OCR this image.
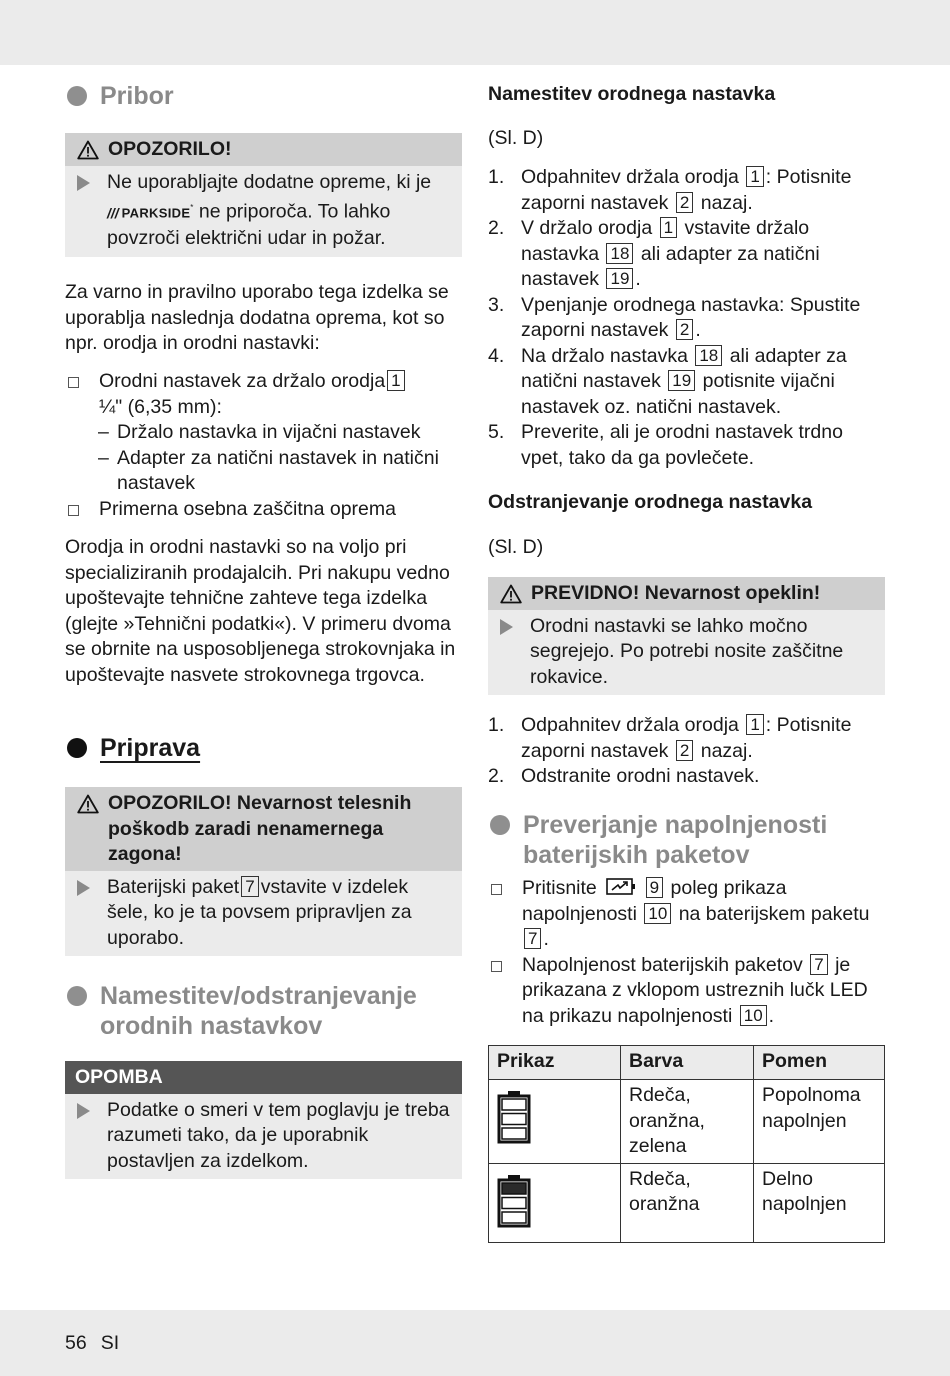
Pribor
OPOZORILO!

Ne uporabljajte dodatne opreme, ki je /// PARKSIDE* ne priporoča. To lahko povzroči električni udar in požar.

Za varno in pravilno uporabo tega izdelka se uporablja naslednja dodatna oprema, kot so npr. orodja in orodni nastavki:

Orodni nastavek za držalo orodja 1
¼" (6,35 mm):
– Držalo nastavka in vijačni nastavek
– Adapter za natični nastavek in natični nastavek
Primerna osebna zaščitna oprema

Orodja in orodni nastavki so na voljo pri specializiranih prodajalcih. Pri nakupu vedno upoštevajte tehnične zahteve tega izdelka (glejte »Tehnični podatki«). V primeru dvoma se obrnite na usposobljenega strokovnjaka in upoštevajte nasvete strokovnega trgovca.

Priprava
OPOZORILO! Nevarnost telesnih poškodb zaradi nenamernega zagona!

Baterijski paket 7 vstavite v izdelek šele, ko je ta povsem pripravljen za uporabo.

Namestitev/odstranjevanje orodnih nastavkov
OPOMBA

Podatke o smeri v tem poglavju je treba razumeti tako, da je uporabnik postavljen za izdelkom.

Namestitev orodnega nastavka

(Sl. D)

1. Odpahnitev držala orodja 1 : Potisnite zaporni nastavek 2 nazaj.
2. V držalo orodja 1 vstavite držalo nastavka 18 ali adapter za natični nastavek 19 .
3. Vpenjanje orodnega nastavka: Spustite zaporni nastavek 2 .
4. Na držalo nastavka 18 ali adapter za natični nastavek 19 potisnite vijačni nastavek oz. natični nastavek.
5. Preverite, ali je orodni nastavek trdno vpet, tako da ga povlečete.

Odstranjevanje orodnega nastavka

(Sl. D)

PREVIDNO! Nevarnost opeklin!

Orodni nastavki se lahko močno segrejejo. Po potrebi nosite zaščitne rokavice.

1. Odpahnitev držala orodja 1 : Potisnite zaporni nastavek 2 nazaj.
2. Odstranite orodni nastavek.
Preverjanje napolnjenosti baterijskih paketov
Pritisnite	9 poleg prikaza napolnjenosti 10 na baterijskem paketu 7 .
Napolnjenost baterijskih paketov 7 je prikazana z vklopom ustreznih lučk LED na prikazu napolnjenosti 10 .
Prikaz	Barva	Pomen

	Rdeča, oranžna, zelena	Popolnoma napolnjen

	Rdeča, oranžna	Delno napolnjen
56 SI
